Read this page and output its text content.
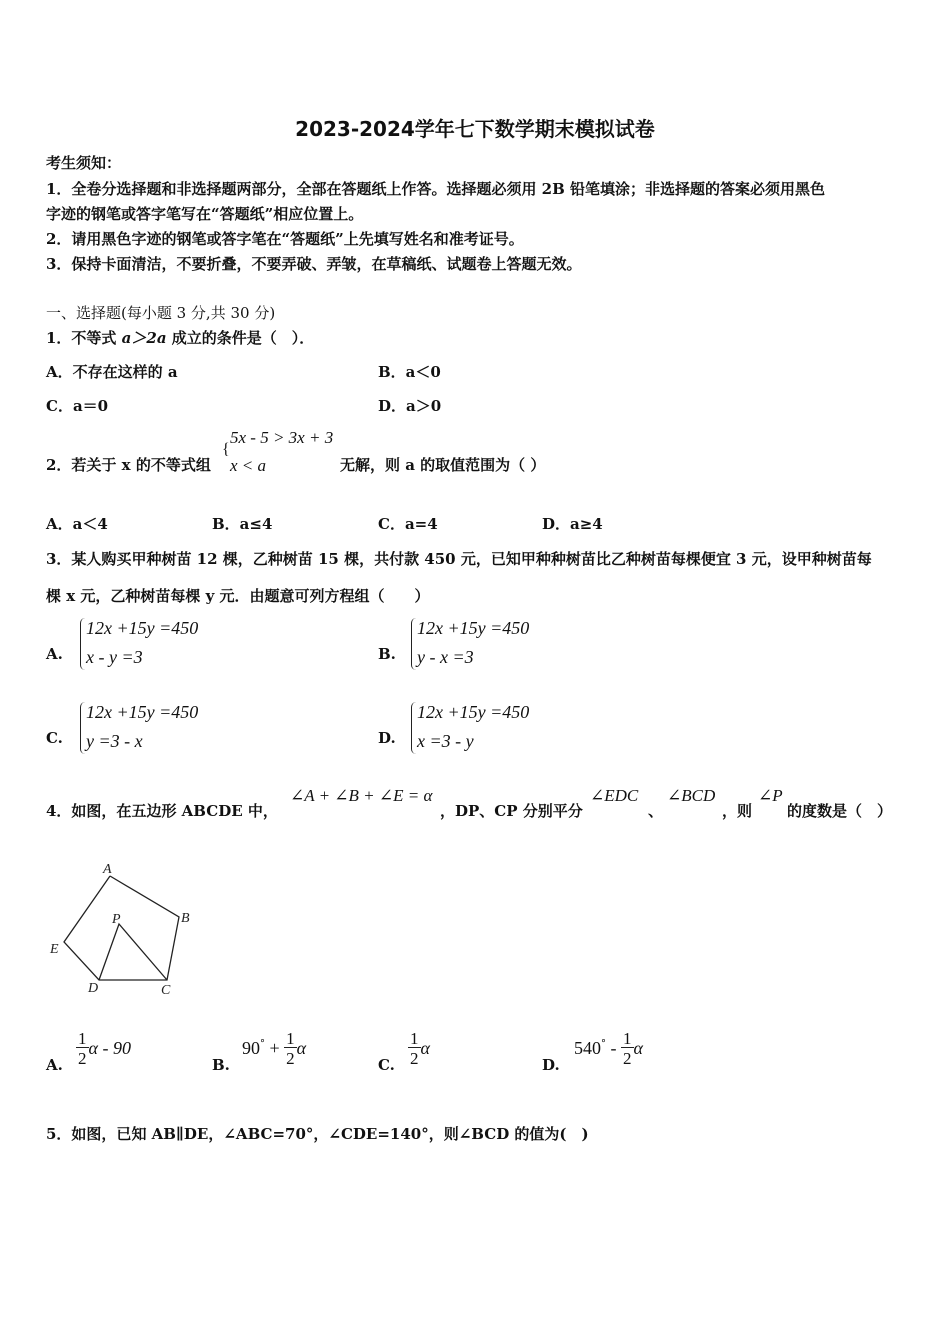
2023-2024学年七下数学期末模拟试卷
考生须知：
1．全卷分选择题和非选择题两部分，全部在答题纸上作答。选择题必须用 2B 铅笔填涂；非选择题的答案必须用黑色
字迹的钢笔或答字笔写在“答题纸”相应位置上。
2．请用黑色字迹的钢笔或答字笔在“答题纸”上先填写姓名和准考证号。
3．保持卡面清洁，不要折叠，不要弄破、弄皱，在草稿纸、试题卷上答题无效。
一、选择题(每小题 3 分,共 30 分)
1．不等式 a＞2a 成立的条件是（　）．
A．不存在这样的 a	B．a＜0
C．a＝0	D．a＞0
2．若关于 x 的不等式组
{
5x - 5 > 3x + 3
x < a	无解，则 a 的取值范围为（ ）
A．a＜4	B．a≤4	C．a=4	D．a≥4
3．某人购买甲种树苗 12 棵，乙种树苗 15 棵，共付款 450 元，已知甲种种树苗比乙种树苗每棵便宜 3 元，设甲种树苗每
棵 x 元，乙种树苗每棵 y 元．由题意可列方程组（　　）
A.
12x +15y =450
x - y =3	B.
12x +15y =450
y - x =3
C.
12x +15y =450
y =3 - x	D.
12x +15y =450
x =3 - y
4．如图，在五边形 ABCDE 中，
∠A + ∠B + ∠E = α
，DP、CP 分别平分
∠EDC
、
∠BCD
，则
∠P
的度数是（　）
A
B
C
D
E
P
A. $\frac{1}{2}$ α - 90
B.
$90^\circ + \frac{1}{2}$ α
C. $\frac{1}{2}$ α
D.
$540^\circ - \frac{1}{2}$ α
5．如图，已知 AB∥DE，∠ABC=70°，∠CDE=140°，则∠BCD 的值为(　)
